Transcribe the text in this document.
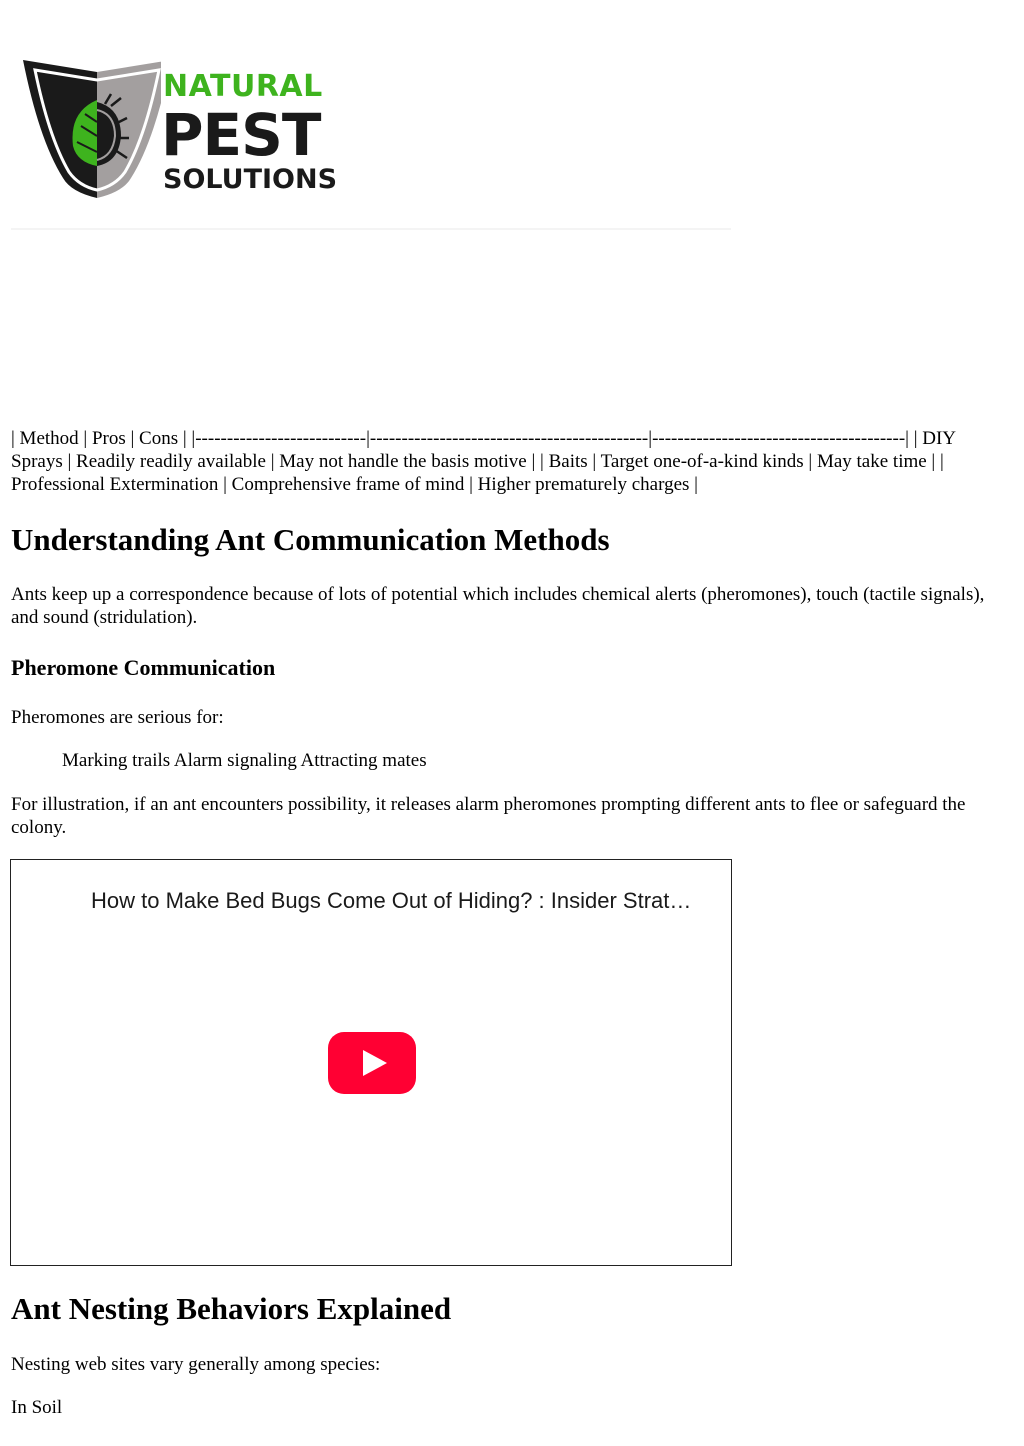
NATURAL
PEST
SOLUTIONS

| Method | Pros | Cons | |---------------------------|--------------------------------------------|----------------------------------------| | DIY Sprays | Readily readily available | May not handle the basis motive | | Baits | Target one-of-a-kind kinds | May take time | | Professional Extermination | Comprehensive frame of mind | Higher prematurely charges |

Understanding Ant Communication Methods

Ants keep up a correspondence because of lots of potential which includes chemical alerts (pheromones), touch (tactile signals), and sound (stridulation).

Pheromone Communication

Pheromones are serious for:

Marking trails Alarm signaling Attracting mates

For illustration, if an ant encounters possibility, it releases alarm pheromones prompting different ants to flee or safeguard the colony.

How to Make Bed Bugs Come Out of Hiding? : Insider Strat…
Ant Nesting Behaviors Explained

Nesting web sites vary generally among species:

In Soil
